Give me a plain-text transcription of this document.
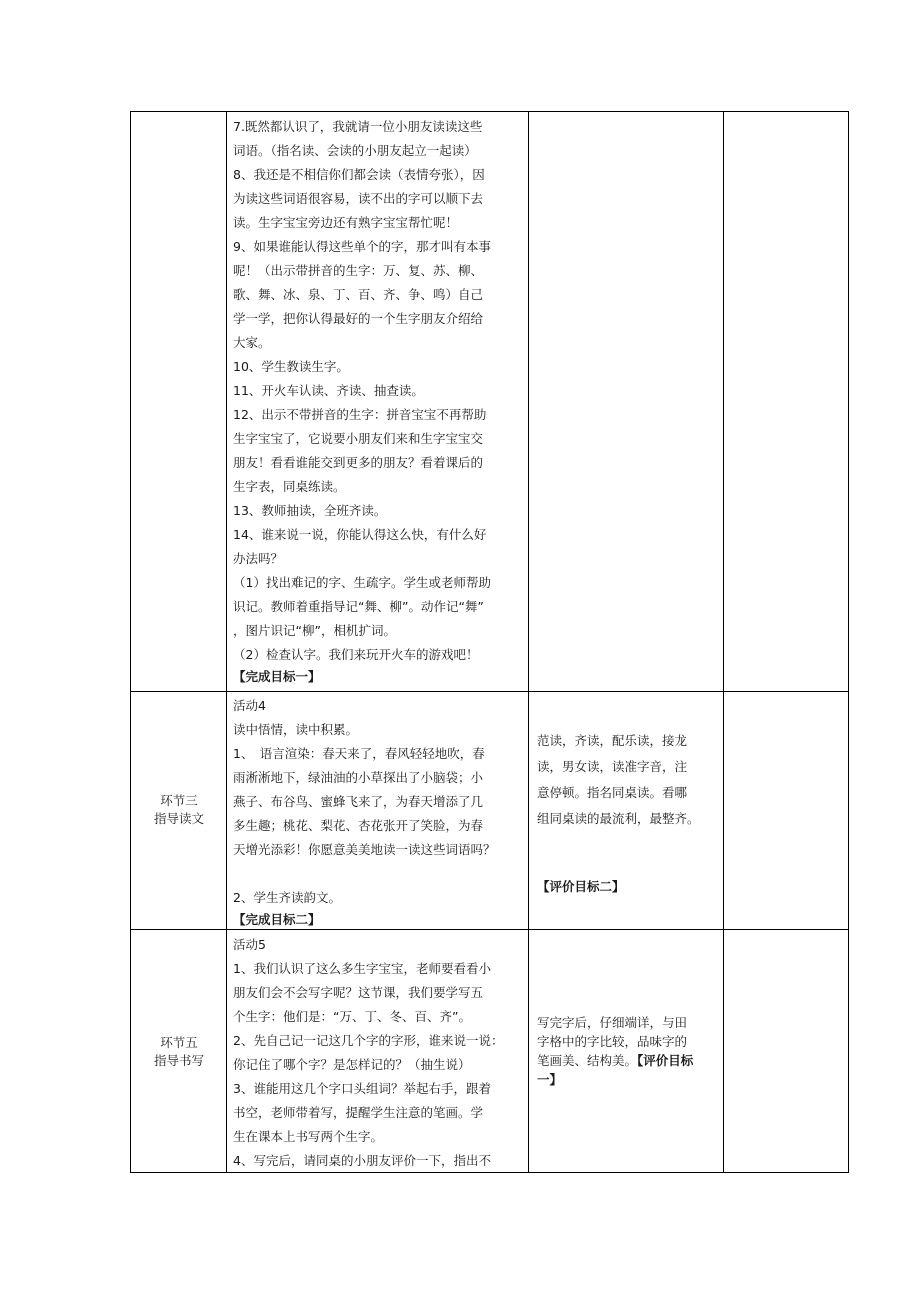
7.既然都认识了，我就请一位小朋友读读这些

词语。（指名读、会读的小朋友起立一起读）

8、我还是不相信你们都会读（表情夸张），因

为读这些词语很容易，读不出的字可以顺下去

读。生字宝宝旁边还有熟字宝宝帮忙呢！

9、如果谁能认得这些单个的字，那才叫有本事

呢！（出示带拼音的生字：万、复、苏、柳、

歌、舞、冰、泉、丁、百、齐、争、鸣）自己

学一学，把你认得最好的一个生字朋友介绍给

大家。

10、学生教读生字。

11、开火车认读、齐读、抽查读。

12、出示不带拼音的生字：拼音宝宝不再帮助

生字宝宝了，它说要小朋友们来和生字宝宝交

朋友！看看谁能交到更多的朋友？看着课后的

生字表，同桌练读。

13、教师抽读，全班齐读。

14、谁来说一说，你能认得这么快，有什么好

办法吗？

（1）找出难记的字、生疏字。学生或老师帮助

识记。教师着重指导记“舞、柳”。动作记“舞”

，图片识记“柳”，相机扩词。

（2）检查认字。我们来玩开火车的游戏吧！

【完成目标一】

环节三
指导读文

活动4

读中悟情，读中积累。

1、　语言渲染：春天来了，春风轻轻地吹，春

雨淅淅地下，绿油油的小草探出了小脑袋；小

燕子、布谷鸟、蜜蜂飞来了，为春天增添了几

多生趣；桃花、梨花、杏花张开了笑脸，为春

天增光添彩！你愿意美美地读一读这些词语吗？

2、学生齐读韵文。

【完成目标二】

范读，齐读，配乐读，接龙

读，男女读，读准字音，注

意停顿。指名同桌读。看哪

组同桌读的最流利，最整齐。

【评价目标二】
环节五
指导书写

活动5

1、我们认识了这么多生字宝宝，老师要看看小

朋友们会不会写字呢？这节课，我们要学写五

个生字：他们是：“万、丁、冬、百、齐”。

2、先自己记一记这几个字的字形，谁来说一说：

你记住了哪个字？是怎样记的？（抽生说）

3、谁能用这几个字口头组词？举起右手，跟着

书空，老师带着写，提醒学生注意的笔画。学

生在课本上书写两个生字。

4、写完后，请同桌的小朋友评价一下，指出不

写完字后，仔细端详，与田

字格中的字比较，品味字的

笔画美、结构美。【评价目标

一】
